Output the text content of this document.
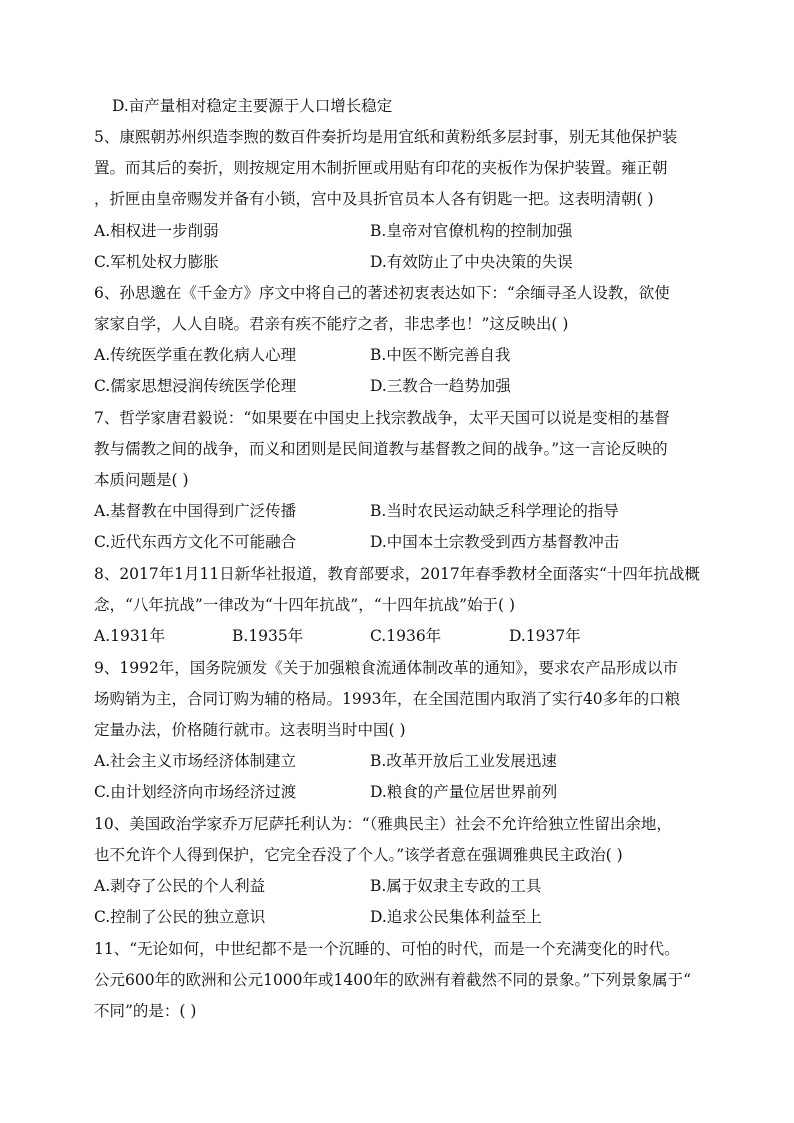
D.亩产量相对稳定主要源于人口增长稳定
5、康熙朝苏州织造李煦的数百件奏折均是用宜纸和黄粉纸多层封事，别无其他保护装
置。而其后的奏折，则按规定用木制折匣或用贴有印花的夹板作为保护装置。雍正朝
，折匣由皇帝赐发并备有小锁，宫中及具折官员本人各有钥匙一把。这表明清朝( )
A.相权进一步削弱	B.皇帝对官僚机构的控制加强
C.军机处权力膨胀	D.有效防止了中央决策的失误
6、孙思邈在《千金方》序文中将自己的著述初衷表达如下：“余缅寻圣人设教，欲使
家家自学，人人自晓。君亲有疾不能疗之者，非忠孝也！”这反映出( )
A.传统医学重在教化病人心理	B.中医不断完善自我
C.儒家思想浸润传统医学伦理	D.三教合一趋势加强
7、哲学家唐君毅说：“如果要在中国史上找宗教战争，太平天国可以说是变相的基督
教与儒教之间的战争，而义和团则是民间道教与基督教之间的战争。”这一言论反映的
本质问题是( )
A.基督教在中国得到广泛传播	B.当时农民运动缺乏科学理论的指导
C.近代东西方文化不可能融合	D.中国本土宗教受到西方基督教冲击
8、2017年1月11日新华社报道，教育部要求，2017年春季教材全面落实“十四年抗战概
念，“八年抗战”一律改为“十四年抗战”，“十四年抗战”始于( )
A.1931年	B.1935年	C.1936年	D.1937年
9、1992年，国务院颁发《关于加强粮食流通体制改革的通知》，要求农产品形成以市
场购销为主，合同订购为辅的格局。1993年，在全国范围内取消了实行40多年的口粮
定量办法，价格随行就市。这表明当时中国( )
A.社会主义市场经济体制建立	B.改革开放后工业发展迅速
C.由计划经济向市场经济过渡	D.粮食的产量位居世界前列
10、美国政治学家乔万尼萨托利认为：“（雅典民主）社会不允许给独立性留出余地，
也不允许个人得到保护，它完全吞没了个人。”该学者意在强调雅典民主政治( )
A.剥夺了公民的个人利益	B.属于奴隶主专政的工具
C.控制了公民的独立意识	D.追求公民集体利益至上
11、“无论如何，中世纪都不是一个沉睡的、可怕的时代，而是一个充满变化的时代。
公元600年的欧洲和公元1000年或1400年的欧洲有着截然不同的景象。”下列景象属于“
不同”的是：( )
